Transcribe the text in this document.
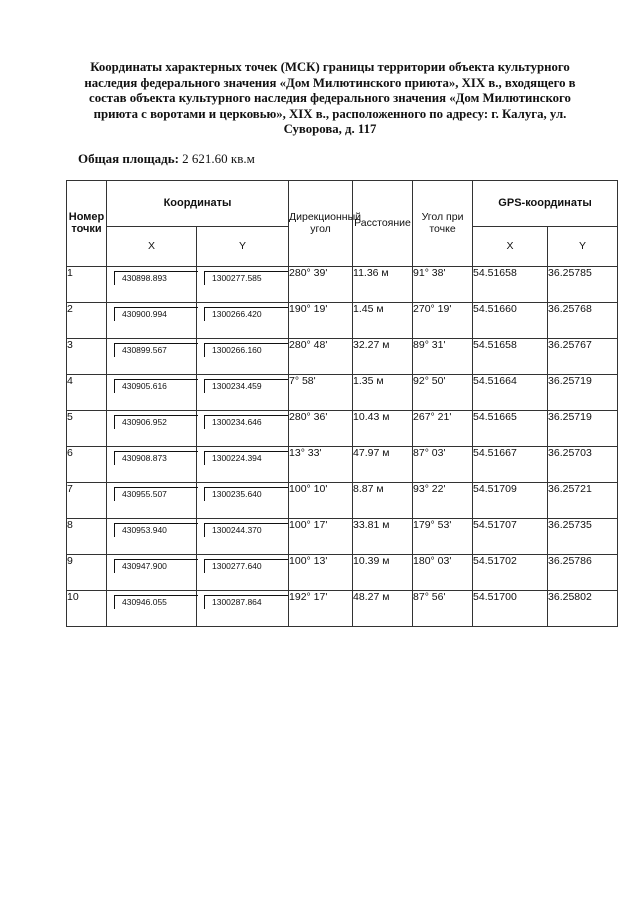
Координаты характерных точек (МСК) границы территории объекта культурного наследия федерального значения «Дом Милютинского приюта», XIX в., входящего в состав объекта культурного наследия федерального значения «Дом Милютинского приюта с воротами и церковью», XIX в., расположенного по адресу: г. Калуга, ул. Суворова, д. 117
Общая площадь: 2 621.60 кв.м
Номер точки	Координаты		Дирекционный угол	Расстояние	Угол при точке	GPS-координаты	
	X	Y				X	Y
1	430898.893	1300277.585	280° 39'	11.36 м	91° 38'	54.51658	36.25785
2	430900.994	1300266.420	190° 19'	1.45 м	270° 19'	54.51660	36.25768
3	430899.567	1300266.160	280° 48'	32.27 м	89° 31'	54.51658	36.25767
4	430905.616	1300234.459	7° 58'	1.35 м	92° 50'	54.51664	36.25719
5	430906.952	1300234.646	280° 36'	10.43 м	267° 21'	54.51665	36.25719
6	430908.873	1300224.394	13° 33'	47.97 м	87° 03'	54.51667	36.25703
7	430955.507	1300235.640	100° 10'	8.87 м	93° 22'	54.51709	36.25721
8	430953.940	1300244.370	100° 17'	33.81 м	179° 53'	54.51707	36.25735
9	430947.900	1300277.640	100° 13'	10.39 м	180° 03'	54.51702	36.25786
10	430946.055	1300287.864	192° 17'	48.27 м	87° 56'	54.51700	36.25802
